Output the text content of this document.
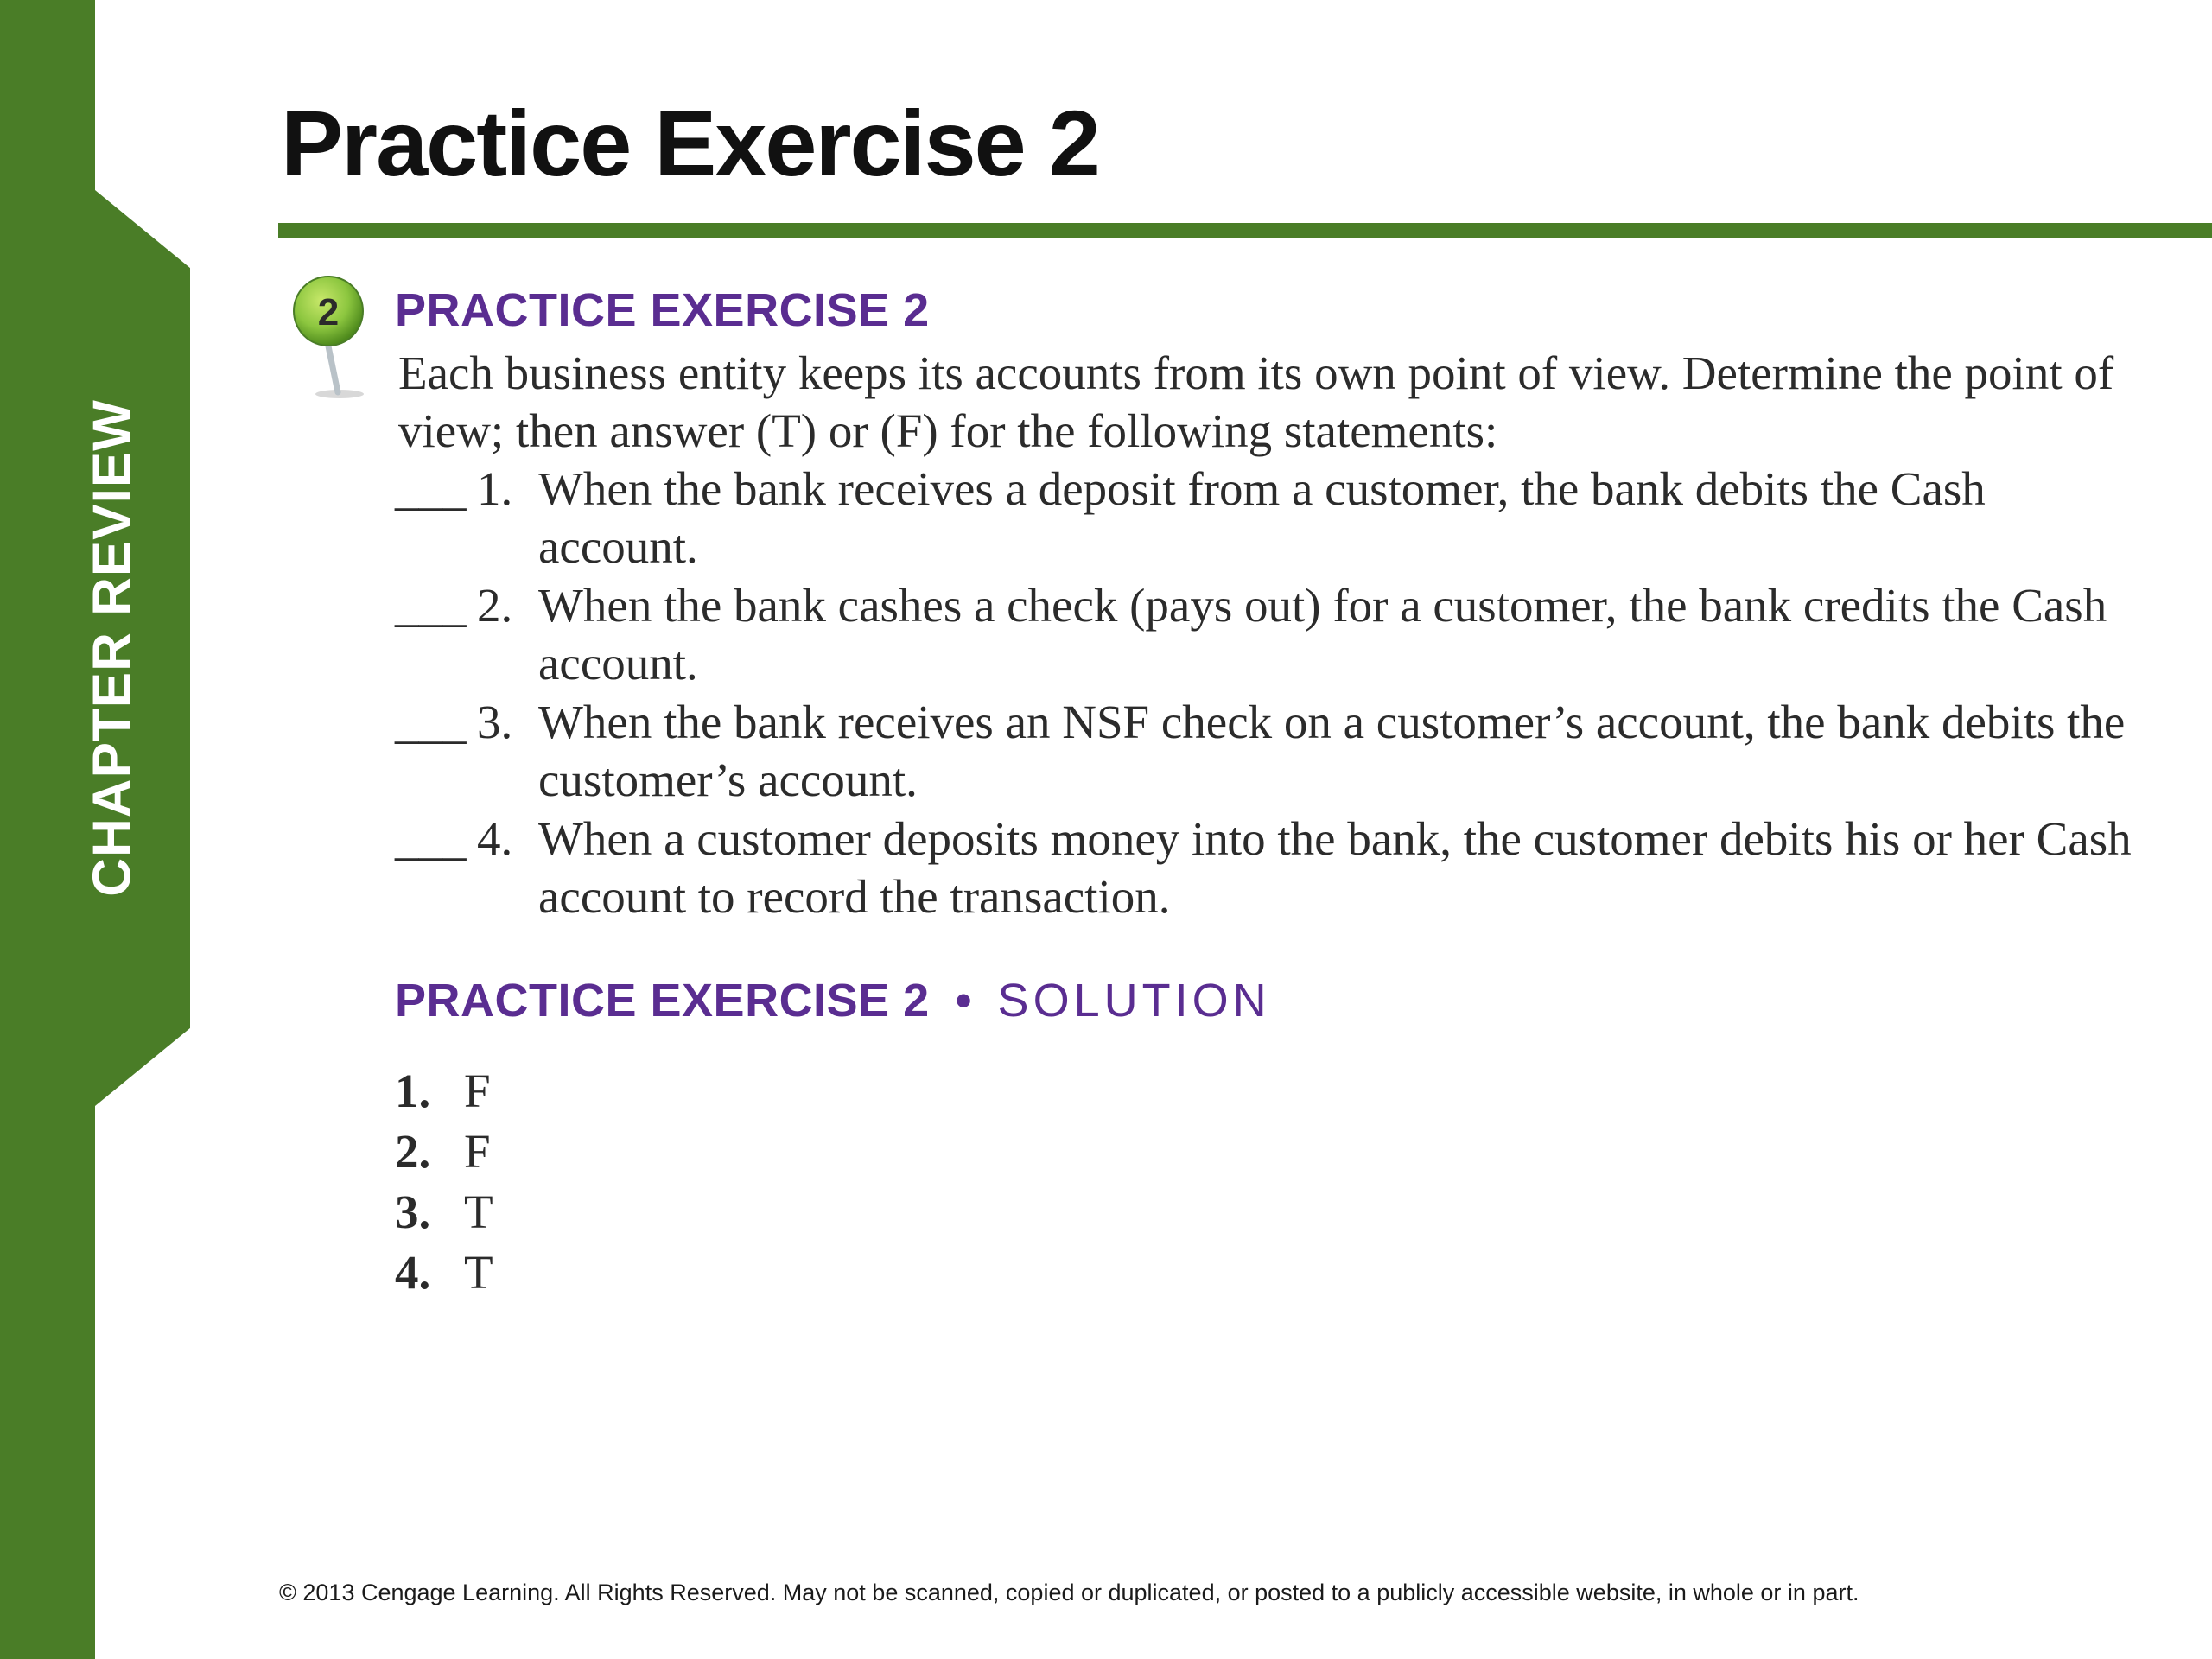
CHAPTER REVIEW
Practice Exercise 2
2 PRACTICE EXERCISE 2
Each business entity keeps its accounts from its own point of view. Determine the point of view; then answer (T) or (F) for the following statements:
___ 1. When the bank receives a deposit from a customer, the bank debits the Cash account.
___ 2. When the bank cashes a check (pays out) for a customer, the bank credits the Cash account.
___ 3. When the bank receives an NSF check on a customer’s account, the bank debits the customer’s account.
___ 4. When a customer deposits money into the bank, the customer debits his or her Cash account to record the transaction.
PRACTICE EXERCISE 2 • SOLUTION
1. F
2. F
3. T
4. T
© 2013 Cengage Learning. All Rights Reserved. May not be scanned, copied or duplicated, or posted to a publicly accessible website, in whole or in part.
